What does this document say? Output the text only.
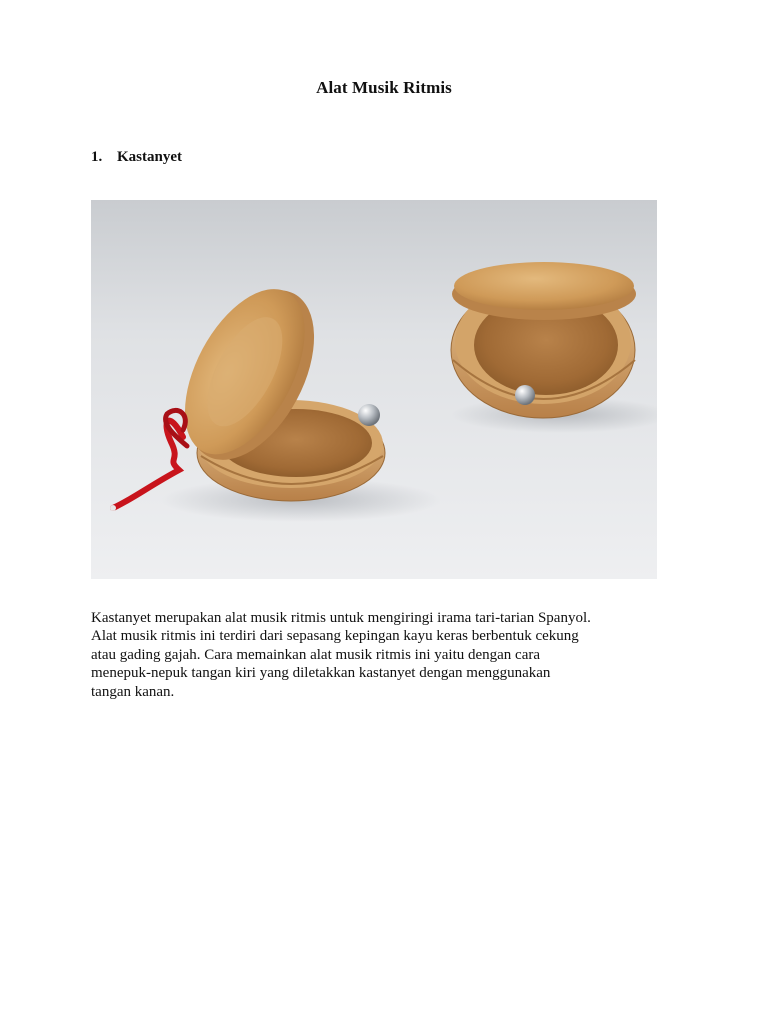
Alat Musik Ritmis
1. Kastanyet
Kastanyet merupakan alat musik ritmis untuk mengiringi irama tari-tarian Spanyol.
Alat musik ritmis ini terdiri dari sepasang kepingan kayu keras berbentuk cekung
atau gading gajah. Cara memainkan alat musik ritmis ini yaitu dengan cara
menepuk-nepuk tangan kiri yang diletakkan kastanyet dengan menggunakan
tangan kanan.
